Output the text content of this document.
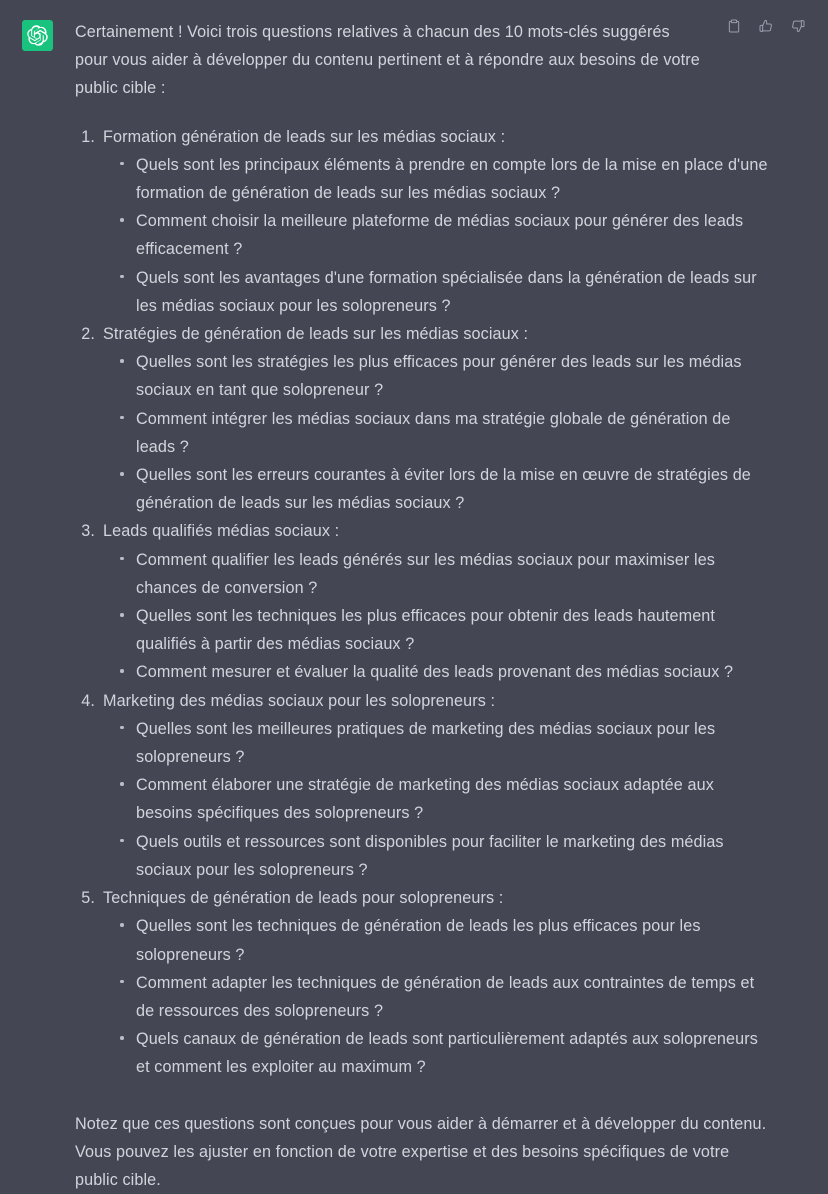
Certainement ! Voici trois questions relatives à chacun des 10 mots-clés suggérés pour vous aider à développer du contenu pertinent et à répondre aux besoins de votre public cible :

Formation génération de leads sur les médias sociaux :
Quels sont les principaux éléments à prendre en compte lors de la mise en place d'une formation de génération de leads sur les médias sociaux ?
Comment choisir la meilleure plateforme de médias sociaux pour générer des leads efficacement ?
Quels sont les avantages d'une formation spécialisée dans la génération de leads sur les médias sociaux pour les solopreneurs ?
Stratégies de génération de leads sur les médias sociaux :
Quelles sont les stratégies les plus efficaces pour générer des leads sur les médias sociaux en tant que solopreneur ?
Comment intégrer les médias sociaux dans ma stratégie globale de génération de leads ?
Quelles sont les erreurs courantes à éviter lors de la mise en œuvre de stratégies de génération de leads sur les médias sociaux ?
Leads qualifiés médias sociaux :
Comment qualifier les leads générés sur les médias sociaux pour maximiser les chances de conversion ?
Quelles sont les techniques les plus efficaces pour obtenir des leads hautement qualifiés à partir des médias sociaux ?
Comment mesurer et évaluer la qualité des leads provenant des médias sociaux ?
Marketing des médias sociaux pour les solopreneurs :
Quelles sont les meilleures pratiques de marketing des médias sociaux pour les solopreneurs ?
Comment élaborer une stratégie de marketing des médias sociaux adaptée aux besoins spécifiques des solopreneurs ?
Quels outils et ressources sont disponibles pour faciliter le marketing des médias sociaux pour les solopreneurs ?
Techniques de génération de leads pour solopreneurs :
Quelles sont les techniques de génération de leads les plus efficaces pour les solopreneurs ?
Comment adapter les techniques de génération de leads aux contraintes de temps et de ressources des solopreneurs ?
Quels canaux de génération de leads sont particulièrement adaptés aux solopreneurs et comment les exploiter au maximum ?

Notez que ces questions sont conçues pour vous aider à démarrer et à développer du contenu. Vous pouvez les ajuster en fonction de votre expertise et des besoins spécifiques de votre public cible.
